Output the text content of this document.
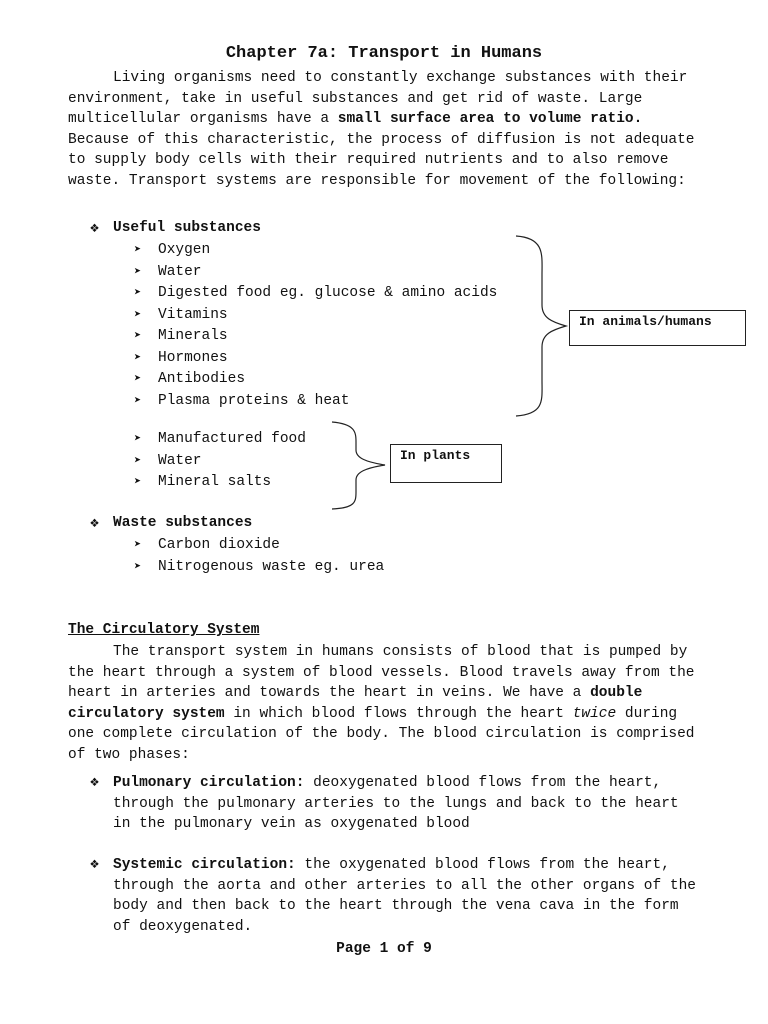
Chapter 7a: Transport in Humans

Living organisms need to constantly exchange substances with their environment, take in useful substances and get rid of waste. Large multicellular organisms have a small surface area to volume ratio. Because of this characteristic, the process of diffusion is not adequate to supply body cells with their required nutrients and to also remove waste. Transport systems are responsible for movement of the following:

❖ Useful substances
➤ Oxygen
➤ Water
➤ Digested food eg. glucose & amino acids
➤ Vitamins
➤ Minerals
➤ Hormones
➤ Antibodies
➤ Plasma proteins & heat
➤ Manufactured food
➤ Water
➤ Mineral salts
In animals/humans
In plants
❖ Waste substances
➤ Carbon dioxide
➤ Nitrogenous waste eg. urea
The Circulatory System

The transport system in humans consists of blood that is pumped by the heart through a system of blood vessels. Blood travels away from the heart in arteries and towards the heart in veins. We have a double circulatory system in which blood flows through the heart twice during one complete circulation of the body. The blood circulation is comprised of two phases:

❖ Pulmonary circulation: deoxygenated blood flows from the heart, through the pulmonary arteries to the lungs and back to the heart in the pulmonary vein as oxygenated blood

❖ Systemic circulation: the oxygenated blood flows from the heart, through the aorta and other arteries to all the other organs of the body and then back to the heart through the vena cava in the form of deoxygenated.

Page 1 of 9
